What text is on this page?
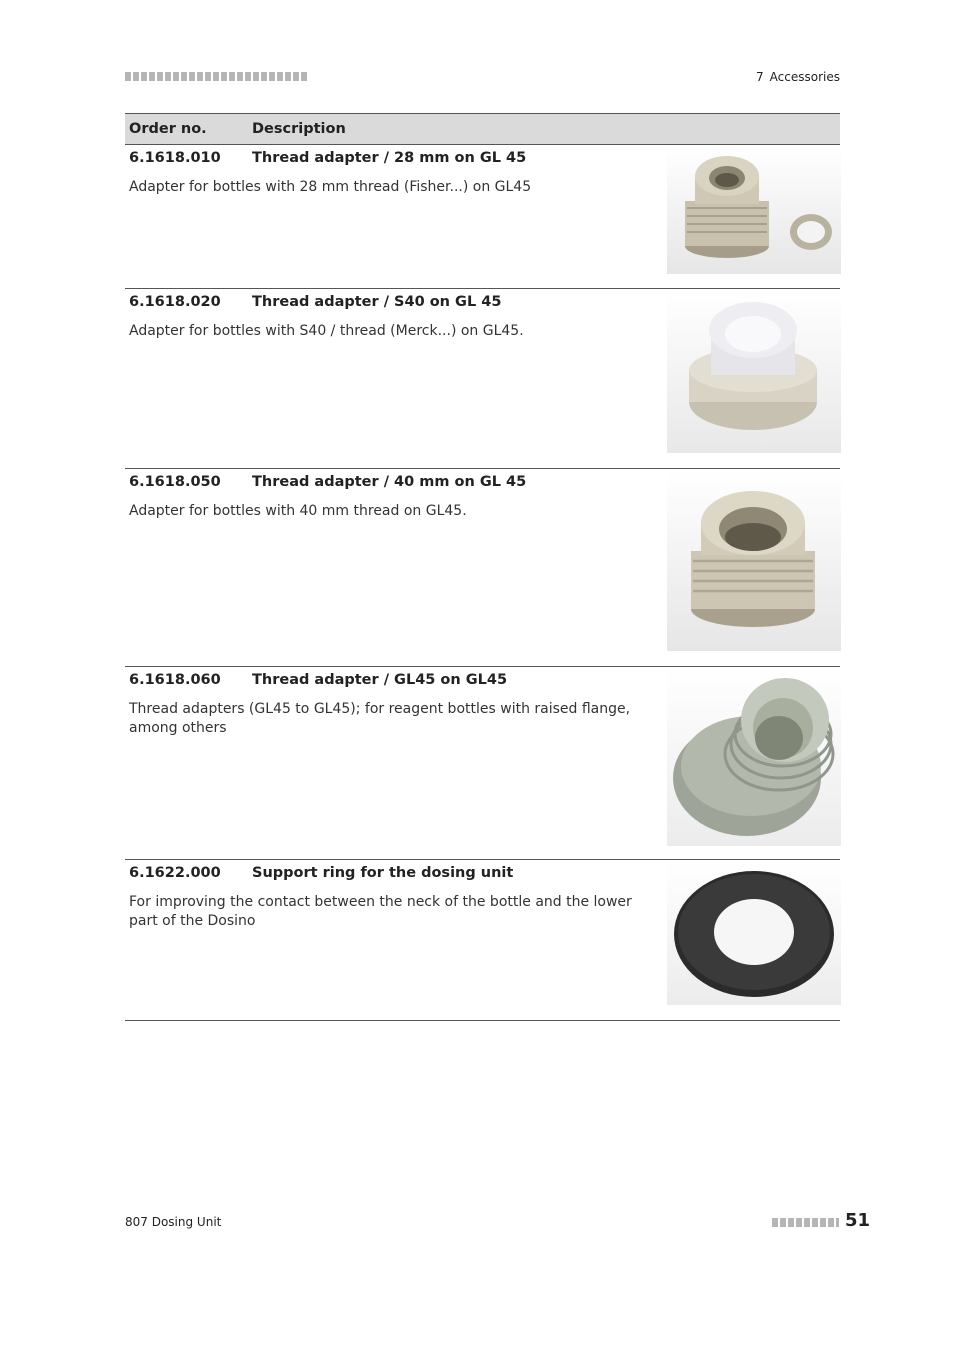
7 Accessories
Order no.	Description
6.1618.010	Thread adapter / 28 mm on GL 45
Adapter for bottles with 28 mm thread (Fisher...) on GL45
6.1618.020	Thread adapter / S40 on GL 45
Adapter for bottles with S40 / thread (Merck...) on GL45.
6.1618.050	Thread adapter / 40 mm on GL 45
Adapter for bottles with 40 mm thread on GL45.
6.1618.060	Thread adapter / GL45 on GL45
Thread adapters (GL45 to GL45); for reagent bottles with raised flange, among others
6.1622.000	Support ring for the dosing unit
For improving the contact between the neck of the bottle and the lower part of the Dosino
807 Dosing Unit	51
